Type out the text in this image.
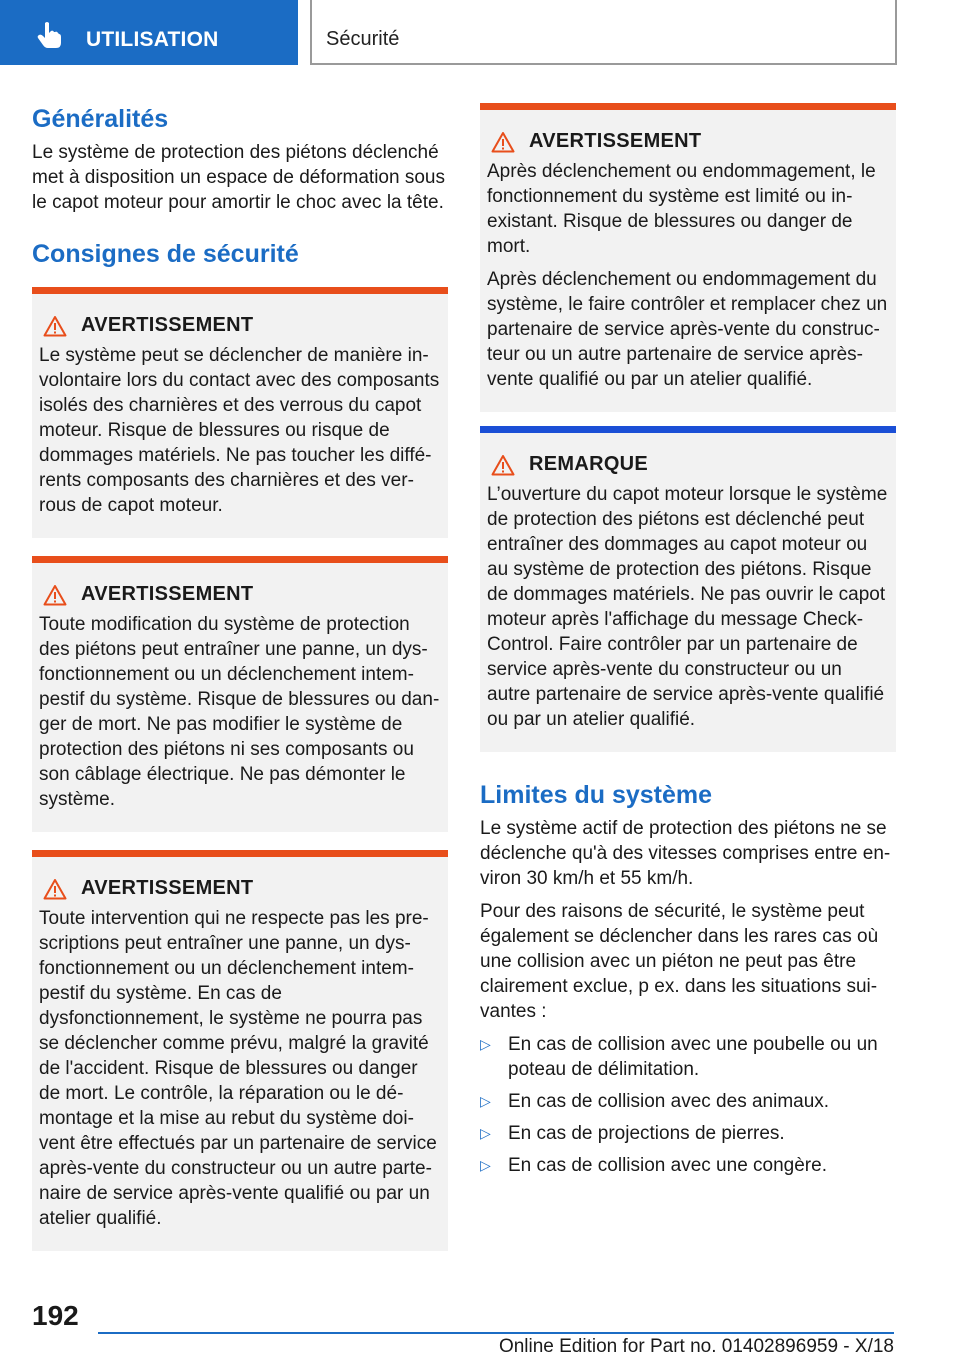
UTILISATION	Sécurité
Généralités

Le système de protection des piétons déclenché met à disposition un espace de déformation sous le capot moteur pour amortir le choc avec la tête.

Consignes de sécurité
AVERTISSEMENT

Le système peut se déclencher de manière involontaire lors du contact avec des composants isolés des charnières et des verrous du capot moteur. Risque de blessures ou risque de dommages matériels. Ne pas toucher les différents composants des charnières et des verrous de capot moteur.

AVERTISSEMENT

Toute modification du système de protection des piétons peut entraîner une panne, un dysfonctionnement ou un déclenchement intempestif du système. Risque de blessures ou danger de mort. Ne pas modifier le système de protection des piétons ni ses composants ou son câblage électrique. Ne pas démonter le système.

AVERTISSEMENT

Toute intervention qui ne respecte pas les prescriptions peut entraîner une panne, un dysfonctionnement ou un déclenchement intempestif du système. En cas de dysfonctionnement, le système ne pourra pas se déclencher comme prévu, malgré la gravité de l'accident. Risque de blessures ou danger de mort. Le contrôle, la réparation ou le démontage et la mise au rebut du système doivent être effectués par un partenaire de service après-vente du constructeur ou un autre partenaire de service après-vente qualifié ou par un atelier qualifié.

AVERTISSEMENT

Après déclenchement ou endommagement, le fonctionnement du système est limité ou inexistant. Risque de blessures ou danger de mort.

Après déclenchement ou endommagement du système, le faire contrôler et remplacer chez un partenaire de service après-vente du constructeur ou un autre partenaire de service après-vente qualifié ou par un atelier qualifié.

REMARQUE

L’ouverture du capot moteur lorsque le système de protection des piétons est déclenché peut entraîner des dommages au capot moteur ou au système de protection des piétons. Risque de dommages matériels. Ne pas ouvrir le capot moteur après l'affichage du message Check-Control. Faire contrôler par un partenaire de service après-vente du constructeur ou un autre partenaire de service après-vente qualifié ou par un atelier qualifié.

Limites du système

Le système actif de protection des piétons ne se déclenche qu'à des vitesses comprises entre environ 30 km/h et 55 km/h.

Pour des raisons de sécurité, le système peut également se déclencher dans les rares cas où une collision avec un piéton ne peut pas être clairement exclue, p ex. dans les situations suivantes :

▷ En cas de collision avec une poubelle ou un poteau de délimitation.
▷ En cas de collision avec des animaux.
▷ En cas de projections de pierres.
▷ En cas de collision avec une congère.
192
Online Edition for Part no. 01402896959 - X/18
